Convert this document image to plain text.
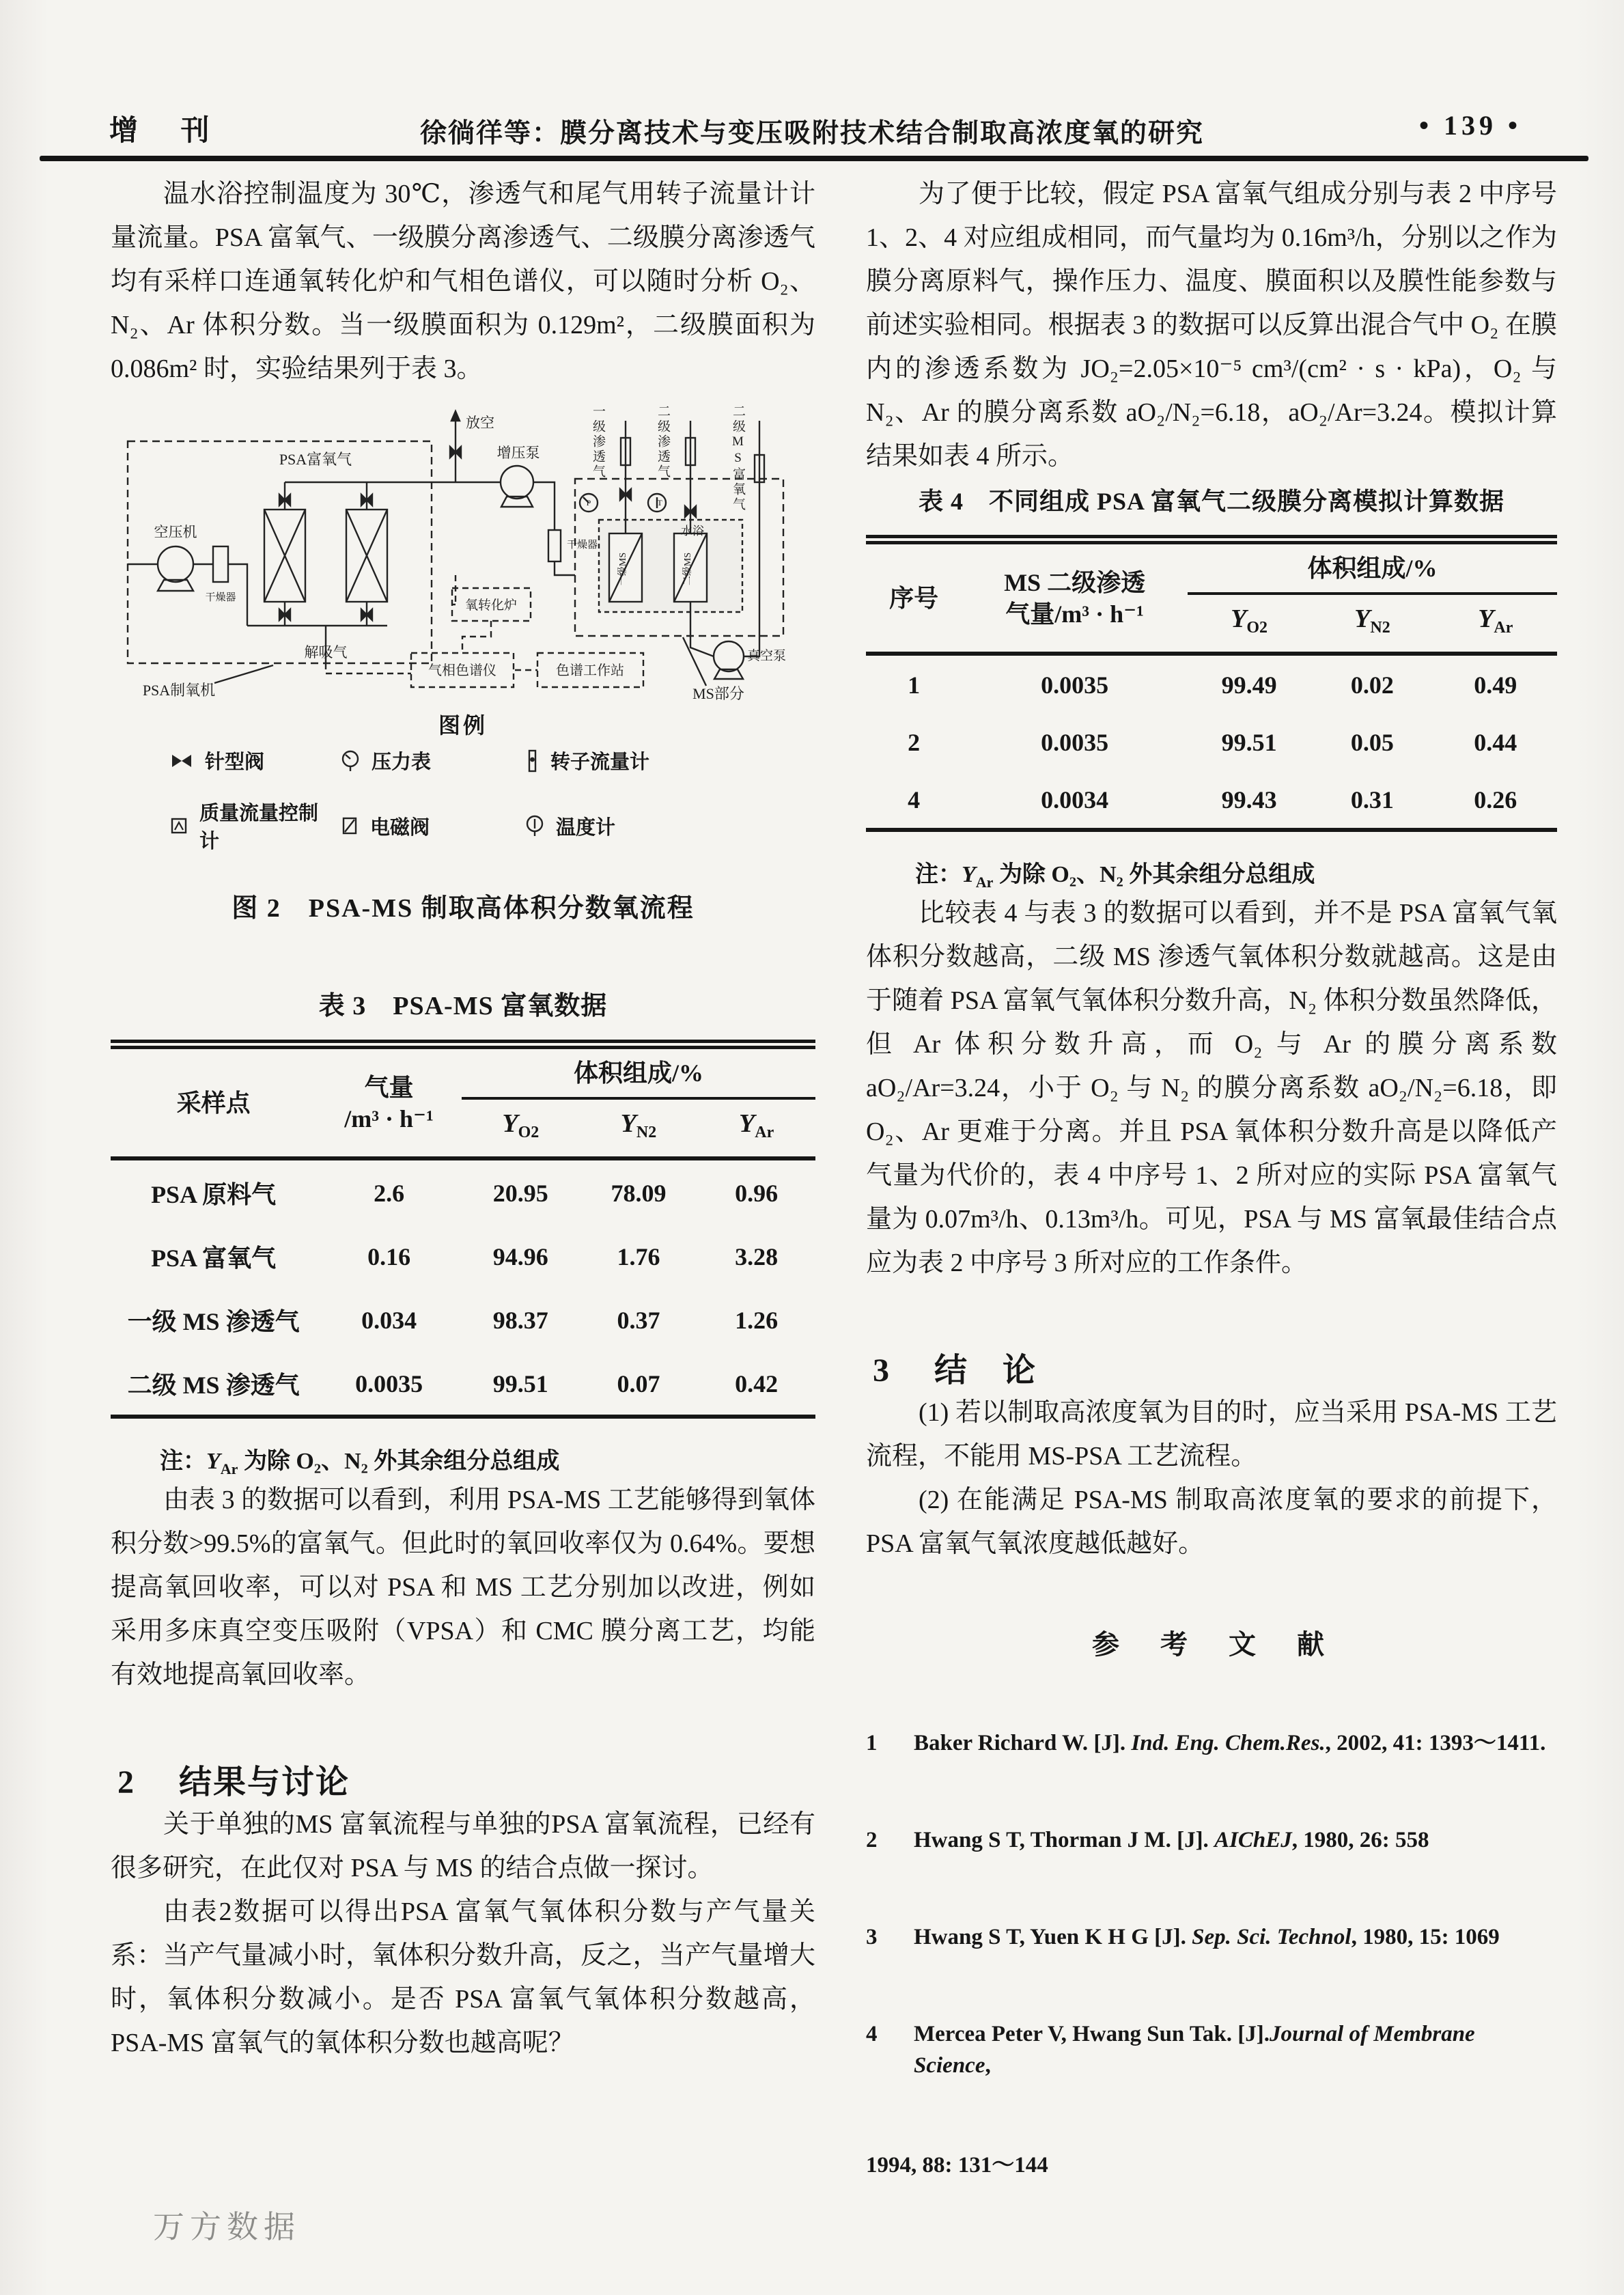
增 刊	徐徜徉等：膜分离技术与变压吸附技术结合制取高浓度氧的研究	• 139 •

温水浴控制温度为 30℃，渗透气和尾气用转子流量计计量流量。PSA 富氧气、一级膜分离渗透气、二级膜分离渗透气均有采样口连通氧转化炉和气相色谱仪，可以随时分析 O₂、N₂、Ar 体积分数。当一级膜面积为 0.129m²，二级膜面积为 0.086m² 时，实验结果列于表 3。

PSA富氧气
空压机
干燥器
解吸气
PSA制氧机
放空
增压泵
干燥器
水浴
一级MS	二级MS
P	T
真空泵
氧转化炉
气相色谱仪	色谱工作站
MS部分
一级渗透气	二级渗透气	二级MS富氧气
图例
针型阀	压力表	转子流量计
质量流量控制计
电磁阀	温度计
图 2　PSA-MS 制取高体积分数氧流程
表 3　PSA-MS 富氧数据
采样点	气量
/m³ · h⁻¹	体积组成/%		
		$Y_{O2}$	$Y_{N2}$	$Y_{Ar}$
PSA 原料气	2.6	20.95	78.09	0.96
PSA 富氧气	0.16	94.96	1.76	3.28
一级 MS 渗透气	0.034	98.37	0.37	1.26
二级 MS 渗透气	0.0035	99.51	0.07	0.42
注：$Y_{Ar}$ 为除 O₂、N₂ 外其余组分总组成

由表 3 的数据可以看到，利用 PSA-MS 工艺能够得到氧体积分数>99.5%的富氧气。但此时的氧回收率仅为 0.64%。要想提高氧回收率，可以对 PSA 和 MS 工艺分别加以改进，例如采用多床真空变压吸附（VPSA）和 CMC 膜分离工艺，均能有效地提高氧回收率。

2 结果与讨论

关于单独的MS 富氧流程与单独的PSA 富氧流程，已经有很多研究，在此仅对 PSA 与 MS 的结合点做一探讨。

由表2数据可以得出PSA 富氧气氧体积分数与产气量关系：当产气量减小时，氧体积分数升高，反之，当产气量增大时，氧体积分数减小。是否 PSA 富氧气氧体积分数越高，PSA-MS 富氧气的氧体积分数也越高呢？

为了便于比较，假定 PSA 富氧气组成分别与表 2 中序号 1、2、4 对应组成相同，而气量均为 0.16m³/h，分别以之作为膜分离原料气，操作压力、温度、膜面积以及膜性能参数与前述实验相同。根据表 3 的数据可以反算出混合气中 O₂ 在膜内的渗透系数为 JO₂=2.05×10⁻⁵ cm³/(cm² · s · kPa)，O₂ 与 N₂、Ar 的膜分离系数 aO₂/N₂=6.18，aO₂/Ar=3.24。模拟计算结果如表 4 所示。

表 4　不同组成 PSA 富氧气二级膜分离模拟计算数据
序号	MS 二级渗透
气量/m³ · h⁻¹	体积组成/%		
		$Y_{O2}$	$Y_{N2}$	$Y_{Ar}$
1	0.0035	99.49	0.02	0.49
2	0.0035	99.51	0.05	0.44
4	0.0034	99.43	0.31	0.26
注：$Y_{Ar}$ 为除 O₂、N₂ 外其余组分总组成

比较表 4 与表 3 的数据可以看到，并不是 PSA 富氧气氧体积分数越高，二级 MS 渗透气氧体积分数就越高。这是由于随着 PSA 富氧气氧体积分数升高，N₂ 体积分数虽然降低，但 Ar 体积分数升高，而 O₂ 与 Ar 的膜分离系数 aO₂/Ar=3.24，小于 O₂ 与 N₂ 的膜分离系数 aO₂/N₂=6.18，即 O₂、Ar 更难于分离。并且 PSA 氧体积分数升高是以降低产气量为代价的，表 4 中序号 1、2 所对应的实际 PSA 富氧气量为 0.07m³/h、0.13m³/h。可见，PSA 与 MS 富氧最佳结合点应为表 2 中序号 3 所对应的工作条件。

3 结　论

(1) 若以制取高浓度氧为目的时，应当采用 PSA-MS 工艺流程，不能用 MS-PSA 工艺流程。

(2) 在能满足 PSA-MS 制取高浓度氧的要求的前提下，PSA 富氧气氧浓度越低越好。

参　考　文　献
1	Baker Richard W. [J]. Ind. Eng. Chem.Res., 2002, 41: 1393～1411.
2	Hwang S T, Thorman J M. [J]. AIChEJ, 1980, 26: 558
3	Hwang S T, Yuen K H G [J]. Sep. Sci. Technol, 1980, 15: 1069
4	Mercea Peter V, Hwang Sun Tak. [J].Journal of Membrane Science,
1994, 88: 131～144
万方数据
